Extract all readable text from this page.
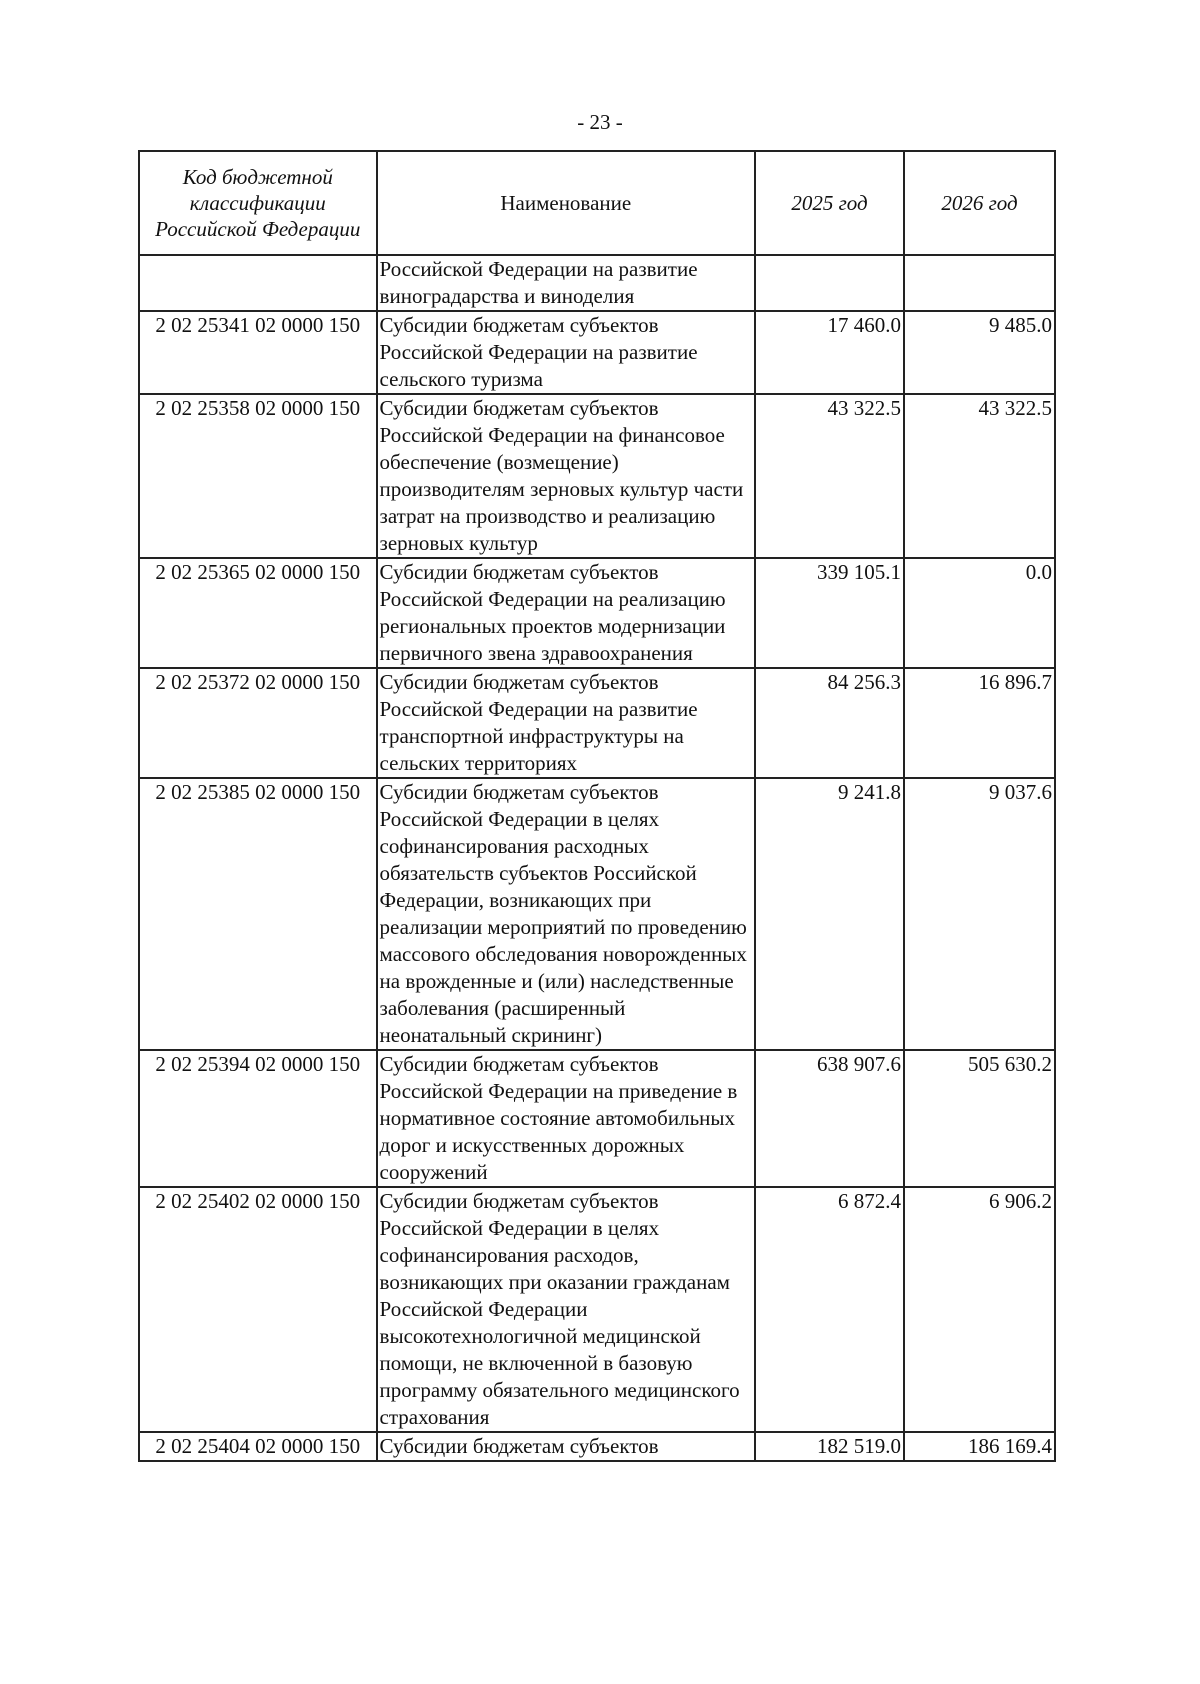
- 23 -
Код бюджетной классификации Российской Федерации	Наименование	2025 год	2026 год
	Российской Федерации на развитие виноградарства и виноделия		
2 02 25341 02 0000 150	Субсидии бюджетам субъектов Российской Федерации на развитие сельского туризма	17 460.0	9 485.0
2 02 25358 02 0000 150	Субсидии бюджетам субъектов Российской Федерации на финансовое обеспечение (возмещение) производителям зерновых культур части затрат на производство и реализацию зерновых культур	43 322.5	43 322.5
2 02 25365 02 0000 150	Субсидии бюджетам субъектов Российской Федерации на реализацию региональных проектов модернизации первичного звена здравоохранения	339 105.1	0.0
2 02 25372 02 0000 150	Субсидии бюджетам субъектов Российской Федерации на развитие транспортной инфраструктуры на сельских территориях	84 256.3	16 896.7
2 02 25385 02 0000 150	Субсидии бюджетам субъектов Российской Федерации в целях софинансирования расходных обязательств субъектов Российской Федерации, возникающих при реализации мероприятий по проведению массового обследования новорожденных на врожденные и (или) наследственные заболевания (расширенный неонатальный скрининг)	9 241.8	9 037.6
2 02 25394 02 0000 150	Субсидии бюджетам субъектов Российской Федерации на приведение в нормативное состояние автомобильных дорог и искусственных дорожных сооружений	638 907.6	505 630.2
2 02 25402 02 0000 150	Субсидии бюджетам субъектов Российской Федерации в целях софинансирования расходов, возникающих при оказании гражданам Российской Федерации высокотехнологичной медицинской помощи, не включенной в базовую программу обязательного медицинского страхования	6 872.4	6 906.2
2 02 25404 02 0000 150	Субсидии бюджетам субъектов	182 519.0	186 169.4
